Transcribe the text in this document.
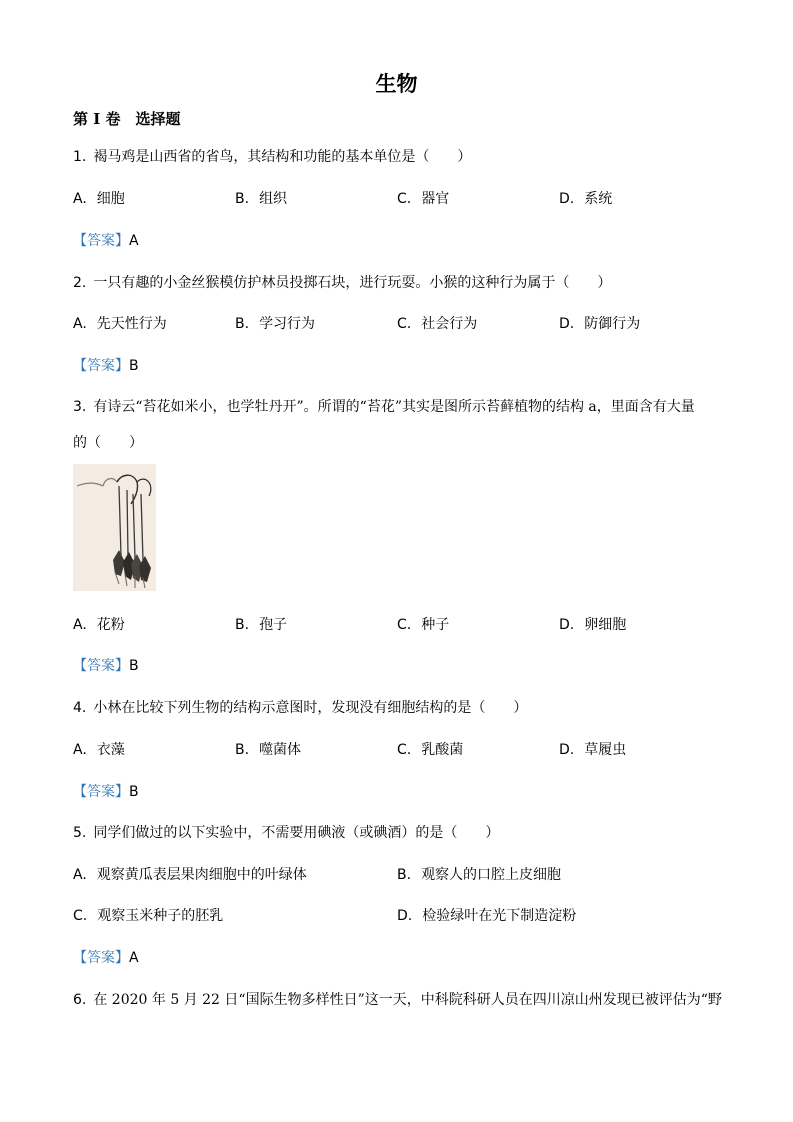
生物
第 I 卷　选择题
1. 褐马鸡是山西省的省鸟，其结构和功能的基本单位是（　　）
A. 细胞	B. 组织	C. 器官	D. 系统
【答案】A
2. 一只有趣的小金丝猴模仿护林员投掷石块，进行玩耍。小猴的这种行为属于（　　）
A. 先天性行为	B. 学习行为	C. 社会行为	D. 防御行为
【答案】B
3. 有诗云“苔花如米小，也学牡丹开”。所谓的“苔花”其实是图所示苔藓植物的结构 a，里面含有大量
的（　　）
A. 花粉	B. 孢子	C. 种子	D. 卵细胞
【答案】B
4. 小林在比较下列生物的结构示意图时，发现没有细胞结构的是（　　）
A. 衣藻	B. 噬菌体	C. 乳酸菌	D. 草履虫
【答案】B
5. 同学们做过的以下实验中，不需要用碘液（或碘酒）的是（　　）
A. 观察黄瓜表层果肉细胞中的叶绿体	B. 观察人的口腔上皮细胞
C. 观察玉米种子的胚乳	D. 检验绿叶在光下制造淀粉
【答案】A
6. 在 2020 年 5 月 22 日“国际生物多样性日”这一天，中科院科研人员在四川凉山州发现已被评估为“野
